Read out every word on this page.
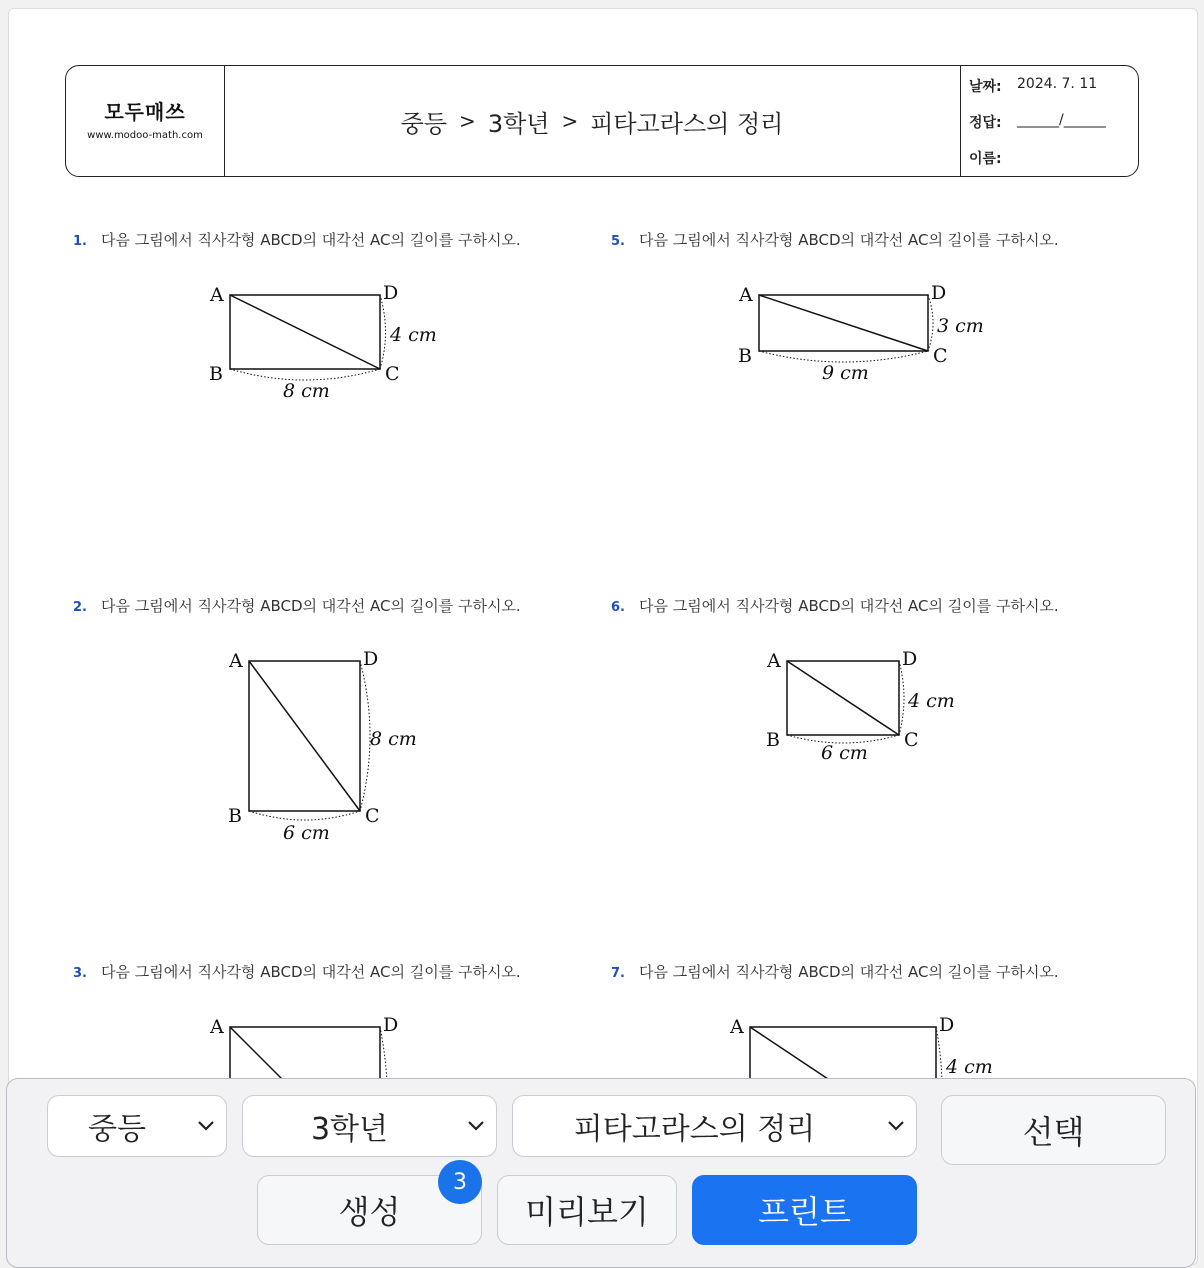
모두매쓰
www.modoo-math.com	중등 > 3학년 > 피타고라스의 정리
날짜:	2024. 7. 11
정답:	______/______
이름:
1. 다음 그림에서 직사각형 ABCD의 대각선 AC의 길이를 구하시오.
A	D
B	C
8 cm
4 cm
5. 다음 그림에서 직사각형 ABCD의 대각선 AC의 길이를 구하시오.
A	D
B	C
9 cm
3 cm
2. 다음 그림에서 직사각형 ABCD의 대각선 AC의 길이를 구하시오.
A	D
B	C
6 cm
8 cm
6. 다음 그림에서 직사각형 ABCD의 대각선 AC의 길이를 구하시오.
A	D
B	C
6 cm
4 cm
3. 다음 그림에서 직사각형 ABCD의 대각선 AC의 길이를 구하시오.
A	D
7. 다음 그림에서 직사각형 ABCD의 대각선 AC의 길이를 구하시오.
A	D
4 cm
중등	3학년	피타고라스의 정리	선택
생성
3
미리보기	프린트
